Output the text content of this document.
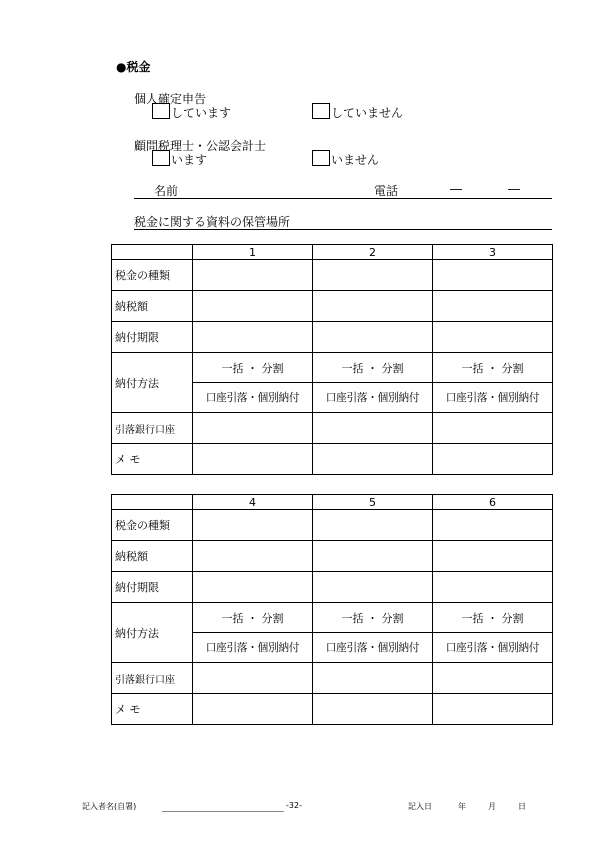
●税金
個人確定申告
しています	していません
顧問税理士・公認会計士
います	いません
名前	電話	―	―
税金に関する資料の保管場所
	1	2	3
税金の種類			
納税額			
納付期限			
納付方法	一括 ・ 分割	一括 ・ 分割	一括 ・ 分割
	口座引落・個別納付	口座引落・個別納付	口座引落・個別納付
引落銀行口座			
メ モ			
	4	5	6
税金の種類			
納税額			
納付期限			
納付方法	一括 ・ 分割	一括 ・ 分割	一括 ・ 分割
	口座引落・個別納付	口座引落・個別納付	口座引落・個別納付
引落銀行口座			
メ モ			
記入者名(自署)	-32-	記入日	年	月	日
